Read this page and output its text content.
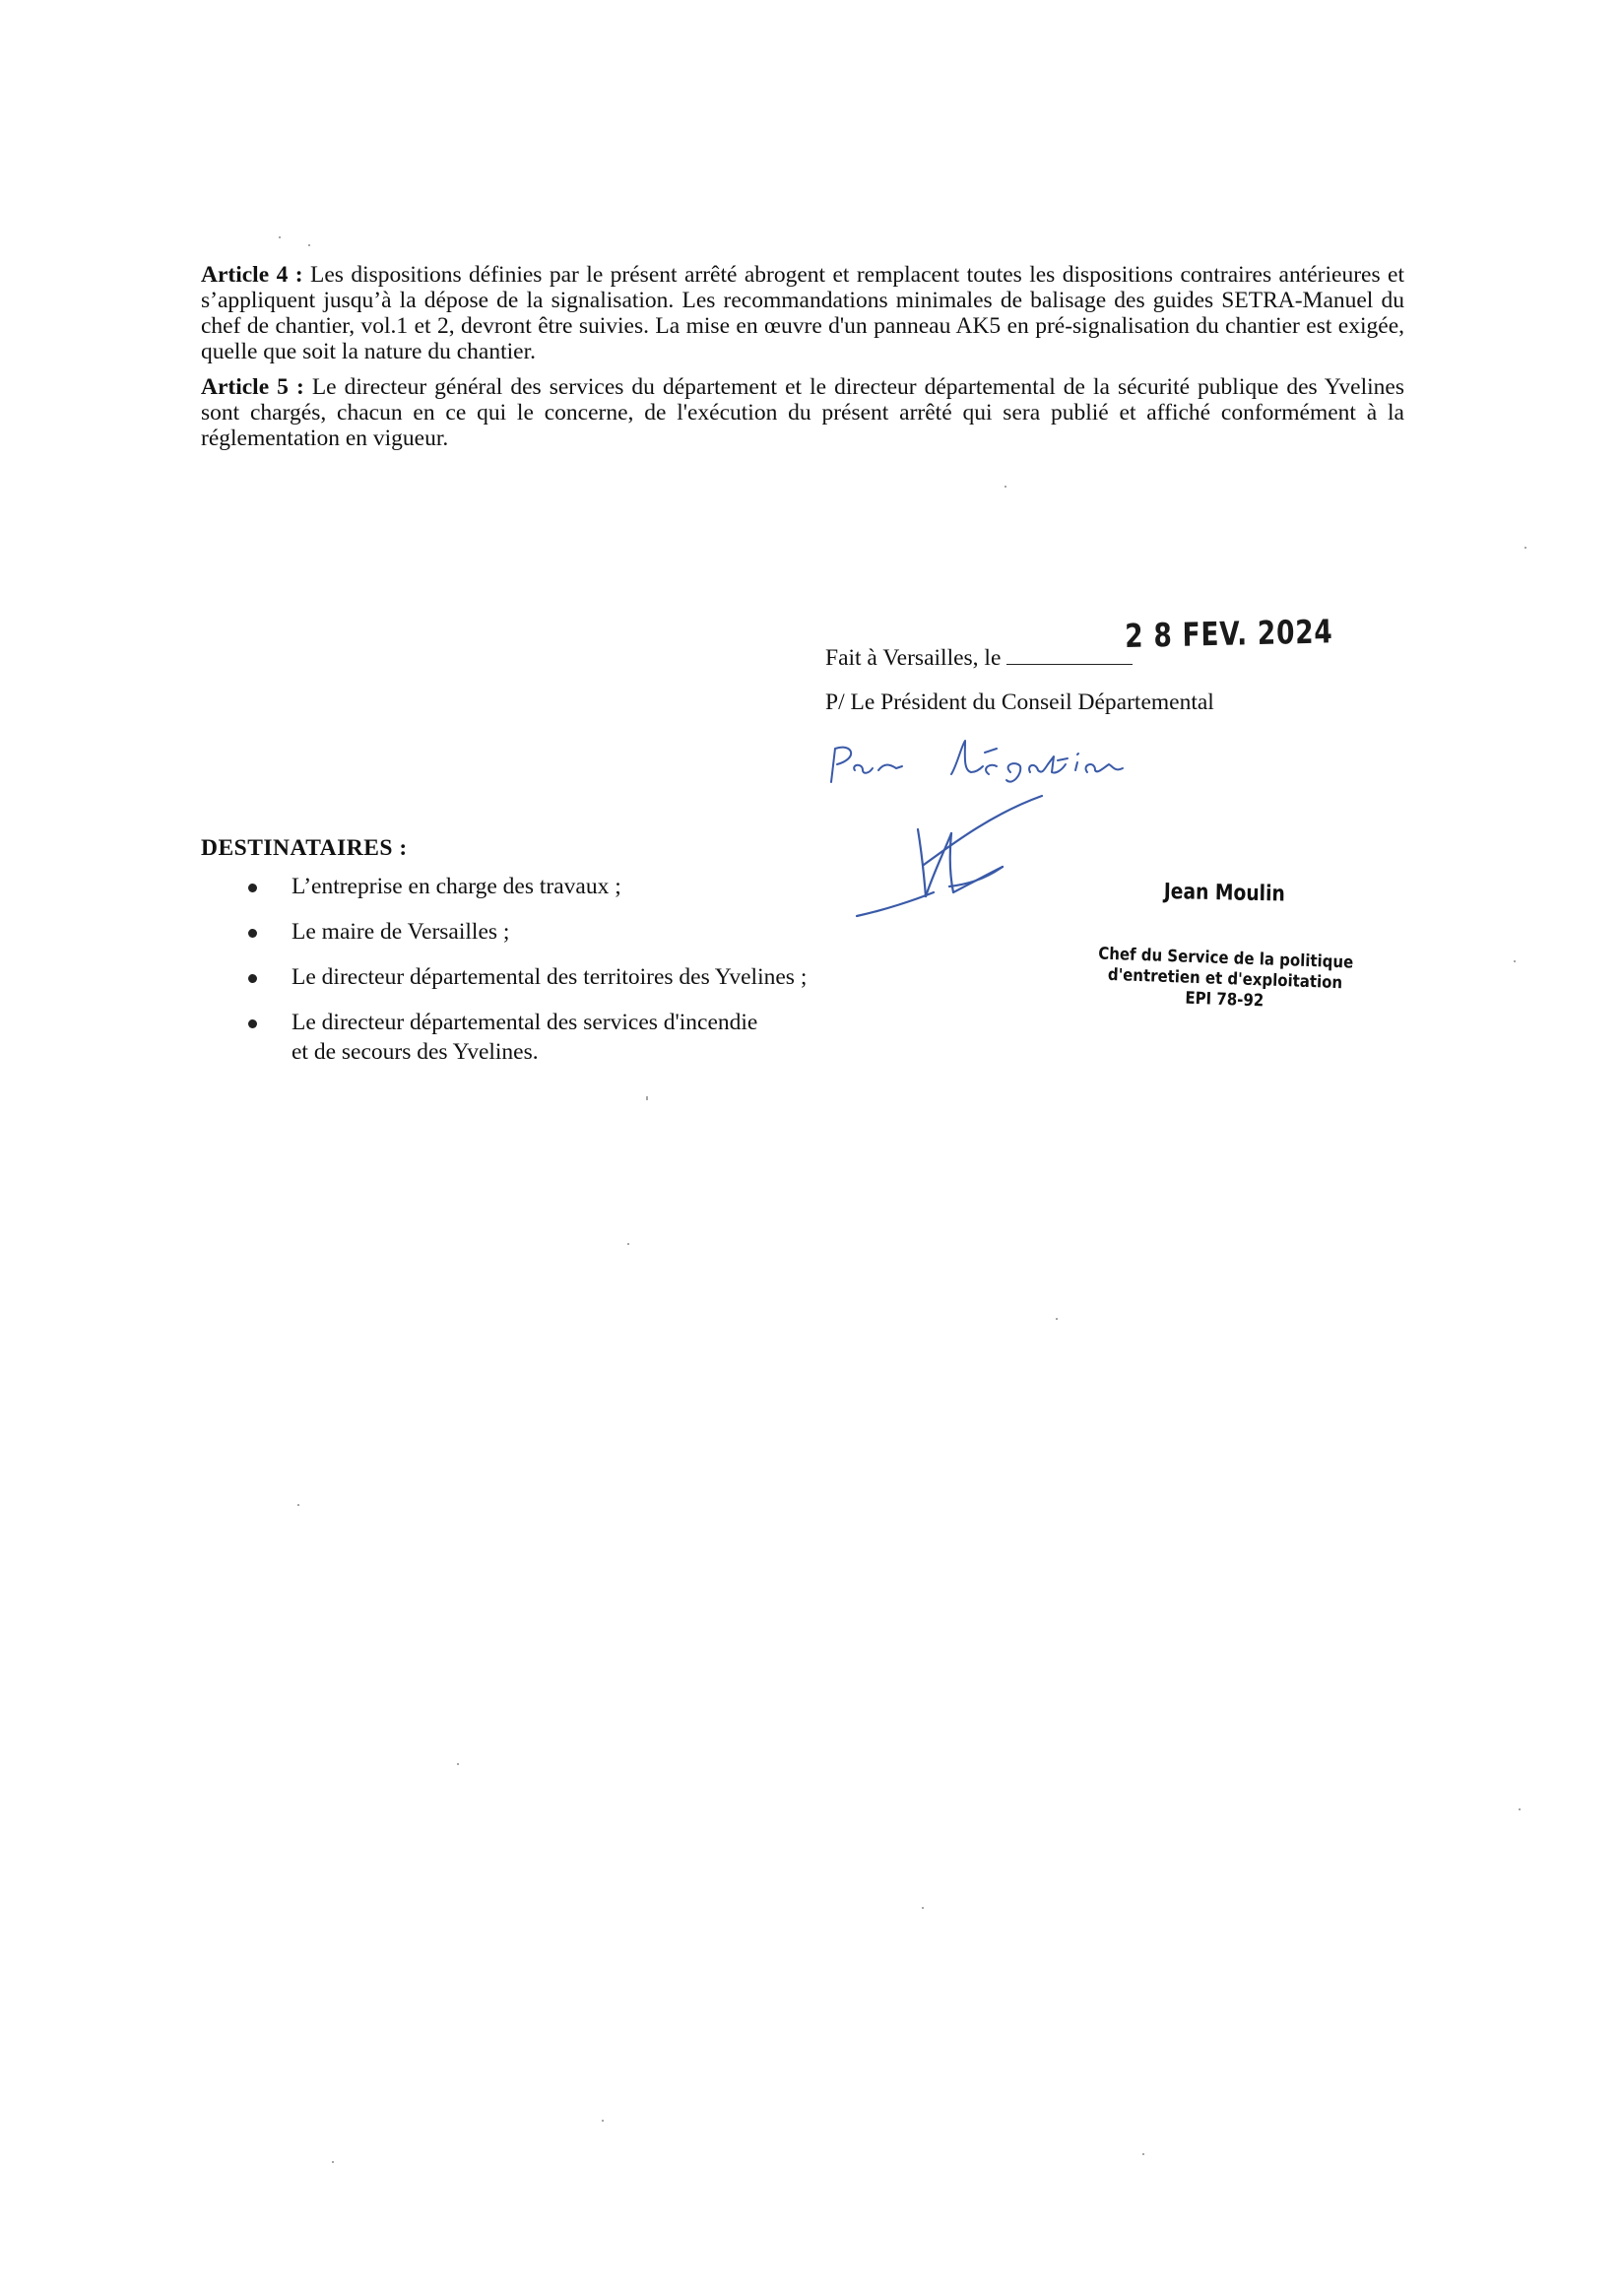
Article 4 : Les dispositions définies par le présent arrêté abrogent et remplacent toutes les dispositions contraires antérieures et s’appliquent jusqu’à la dépose de la signalisation. Les recommandations minimales de balisage des guides SETRA-Manuel du chef de chantier, vol.1 et 2, devront être suivies. La mise en œuvre d'un panneau AK5 en pré-signalisation du chantier est exigée, quelle que soit la nature du chantier.

Article 5 : Le directeur général des services du département et le directeur départemental de la sécurité publique des Yvelines sont chargés, chacun en ce qui le concerne, de l'exécution du présent arrêté qui sera publié et affiché conformément à la réglementation en vigueur.

Fait à Versailles, le
2 8 FEV. 2024
P/ Le Président du Conseil Départemental
Jean Moulin
Chef du Service de la politique
d'entretien et d'exploitation
EPI 78-92
DESTINATAIRES :
L’entreprise en charge des travaux ;
Le maire de Versailles ;
Le directeur départemental des territoires des Yvelines ;
Le directeur départemental des services d'incendie
et de secours des Yvelines.
